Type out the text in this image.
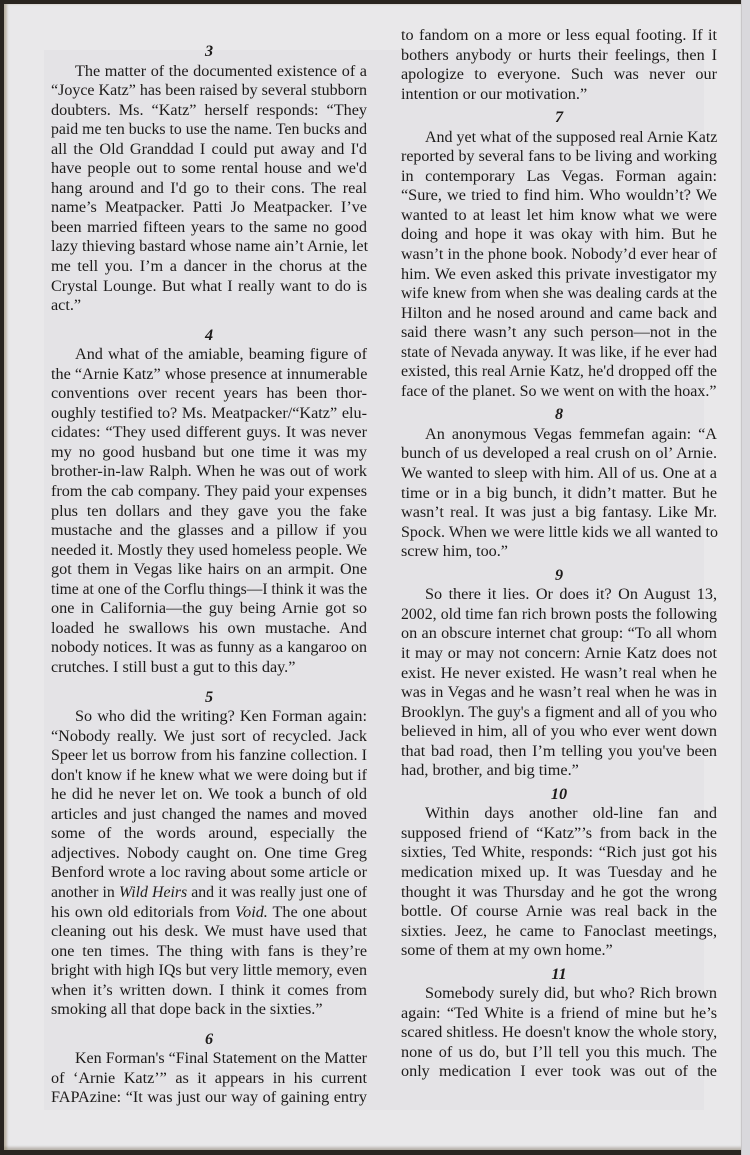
3
The matter of the documented existence of a
“Joyce Katz” has been raised by several stubborn
doubters. Ms. “Katz” herself responds: “They
paid me ten bucks to use the name. Ten bucks and
all the Old Granddad I could put away and I'd
have people out to some rental house and we'd
hang around and I'd go to their cons. The real
name’s Meatpacker. Patti Jo Meatpacker. I’ve
been married fifteen years to the same no good
lazy thieving bastard whose name ain’t Arnie, let
me tell you. I’m a dancer in the chorus at the
Crystal Lounge. But what I really want to do is
act.”
4
And what of the amiable, beaming figure of
the “Arnie Katz” whose presence at innumerable
conventions over recent years has been thor-
oughly testified to? Ms. Meatpacker/“Katz” elu-
cidates: “They used different guys. It was never
my no good husband but one time it was my
brother-in-law Ralph. When he was out of work
from the cab company. They paid your expenses
plus ten dollars and they gave you the fake
mustache and the glasses and a pillow if you
needed it. Mostly they used homeless people. We
got them in Vegas like hairs on an armpit. One
time at one of the Corflu things—I think it was the
one in California—the guy being Arnie got so
loaded he swallows his own mustache. And
nobody notices. It was as funny as a kangaroo on
crutches. I still bust a gut to this day.”
5
So who did the writing? Ken Forman again:
“Nobody really. We just sort of recycled. Jack
Speer let us borrow from his fanzine collection. I
don't know if he knew what we were doing but if
he did he never let on. We took a bunch of old
articles and just changed the names and moved
some of the words around, especially the
adjectives. Nobody caught on. One time Greg
Benford wrote a loc raving about some article or
another in Wild Heirs and it was really just one of
his own old editorials from Void. The one about
cleaning out his desk. We must have used that
one ten times. The thing with fans is they’re
bright with high IQs but very little memory, even
when it’s written down. I think it comes from
smoking all that dope back in the sixties.”
6
Ken Forman's “Final Statement on the Matter
of ‘Arnie Katz’” as it appears in his current
FAPAzine: “It was just our way of gaining entry
to fandom on a more or less equal footing. If it
bothers anybody or hurts their feelings, then I
apologize to everyone. Such was never our
intention or our motivation.”
7
And yet what of the supposed real Arnie Katz
reported by several fans to be living and working
in contemporary Las Vegas. Forman again:
“Sure, we tried to find him. Who wouldn’t? We
wanted to at least let him know what we were
doing and hope it was okay with him. But he
wasn’t in the phone book. Nobody’d ever hear of
him. We even asked this private investigator my
wife knew from when she was dealing cards at the
Hilton and he nosed around and came back and
said there wasn’t any such person—not in the
state of Nevada anyway. It was like, if he ever had
existed, this real Arnie Katz, he'd dropped off the
face of the planet. So we went on with the hoax.”
8
An anonymous Vegas femmefan again: “A
bunch of us developed a real crush on ol’ Arnie.
We wanted to sleep with him. All of us. One at a
time or in a big bunch, it didn’t matter. But he
wasn’t real. It was just a big fantasy. Like Mr.
Spock. When we were little kids we all wanted to
screw him, too.”
9
So there it lies. Or does it? On August 13,
2002, old time fan rich brown posts the following
on an obscure internet chat group: “To all whom
it may or may not concern: Arnie Katz does not
exist. He never existed. He wasn’t real when he
was in Vegas and he wasn’t real when he was in
Brooklyn. The guy's a figment and all of you who
believed in him, all of you who ever went down
that bad road, then I’m telling you you've been
had, brother, and big time.”
10
Within days another old-line fan and
supposed friend of “Katz”’s from back in the
sixties, Ted White, responds: “Rich just got his
medication mixed up. It was Tuesday and he
thought it was Thursday and he got the wrong
bottle. Of course Arnie was real back in the
sixties. Jeez, he came to Fanoclast meetings,
some of them at my own home.”
11
Somebody surely did, but who? Rich brown
again: “Ted White is a friend of mine but he’s
scared shitless. He doesn't know the whole story,
none of us do, but I’ll tell you this much. The
only medication I ever took was out of the
